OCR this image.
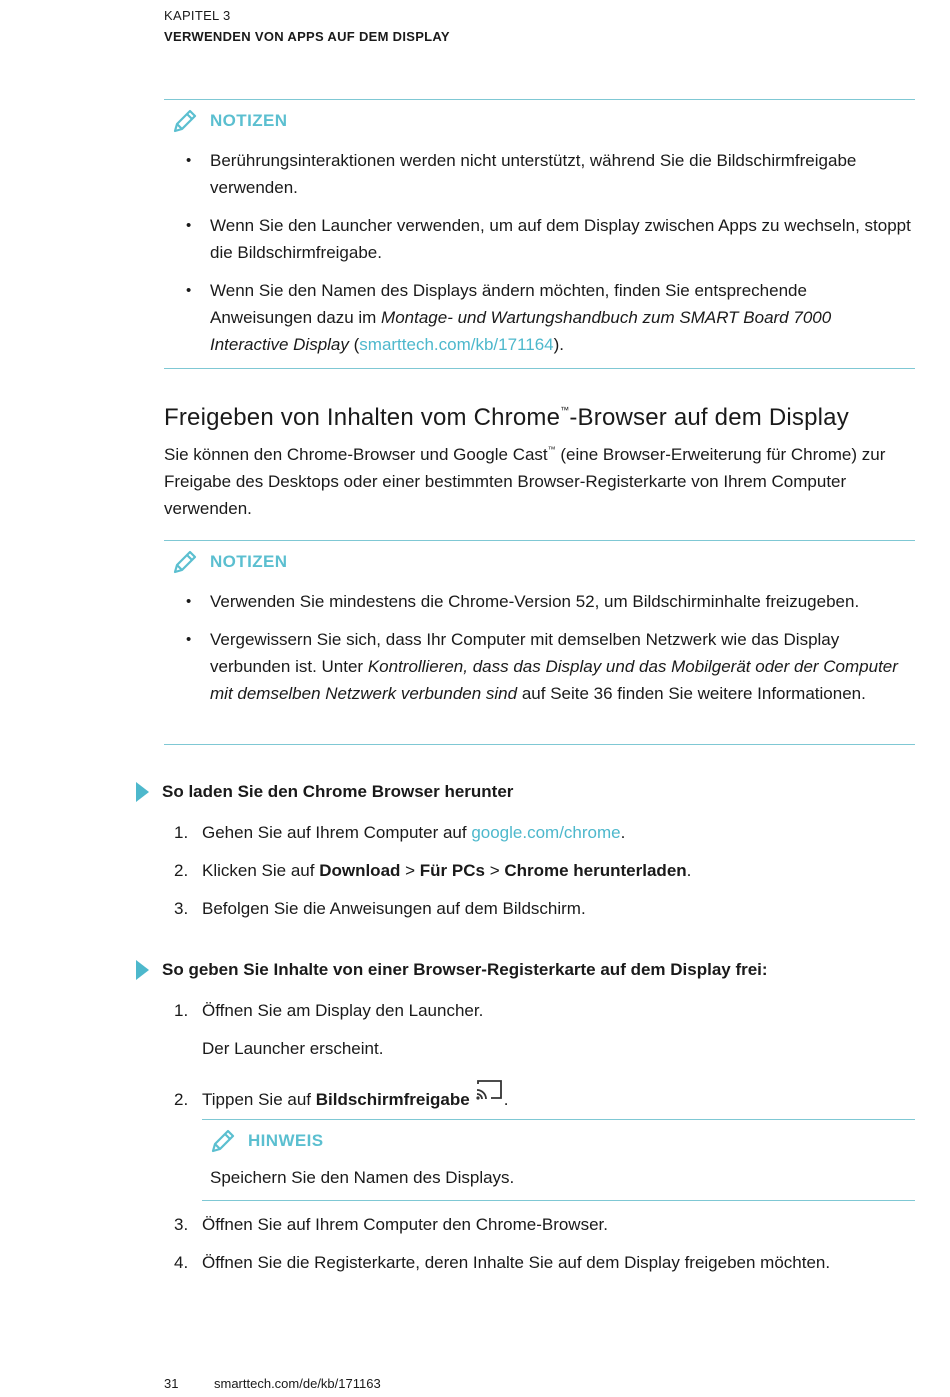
KAPITEL 3
VERWENDEN VON APPS AUF DEM DISPLAY
NOTIZEN
• Berührungsinteraktionen werden nicht unterstützt, während Sie die Bildschirmfreigabe verwenden.
• Wenn Sie den Launcher verwenden, um auf dem Display zwischen Apps zu wechseln, stoppt die Bildschirmfreigabe.
• Wenn Sie den Namen des Displays ändern möchten, finden Sie entsprechende Anweisungen dazu im Montage- und Wartungshandbuch zum SMART Board 7000 Interactive Display (smarttech.com/kb/171164).
Freigeben von Inhalten vom Chrome™-Browser auf dem Display
Sie können den Chrome-Browser und Google Cast™ (eine Browser-Erweiterung für Chrome) zur Freigabe des Desktops oder einer bestimmten Browser-Registerkarte von Ihrem Computer verwenden.
NOTIZEN
• Verwenden Sie mindestens die Chrome-Version 52, um Bildschirminhalte freizugeben.
• Vergewissern Sie sich, dass Ihr Computer mit demselben Netzwerk wie das Display verbunden ist. Unter Kontrollieren, dass das Display und das Mobilgerät oder der Computer mit demselben Netzwerk verbunden sind auf Seite 36 finden Sie weitere Informationen.
So laden Sie den Chrome Browser herunter
1. Gehen Sie auf Ihrem Computer auf google.com/chrome.
2. Klicken Sie auf Download > Für PCs > Chrome herunterladen.
3. Befolgen Sie die Anweisungen auf dem Bildschirm.
So geben Sie Inhalte von einer Browser-Registerkarte auf dem Display frei:
1. Öffnen Sie am Display den Launcher.
Der Launcher erscheint.
2. Tippen Sie auf Bildschirmfreigabe .
HINWEIS
Speichern Sie den Namen des Displays.
3. Öffnen Sie auf Ihrem Computer den Chrome-Browser.
4. Öffnen Sie die Registerkarte, deren Inhalte Sie auf dem Display freigeben möchten.
31	smarttech.com/de/kb/171163
